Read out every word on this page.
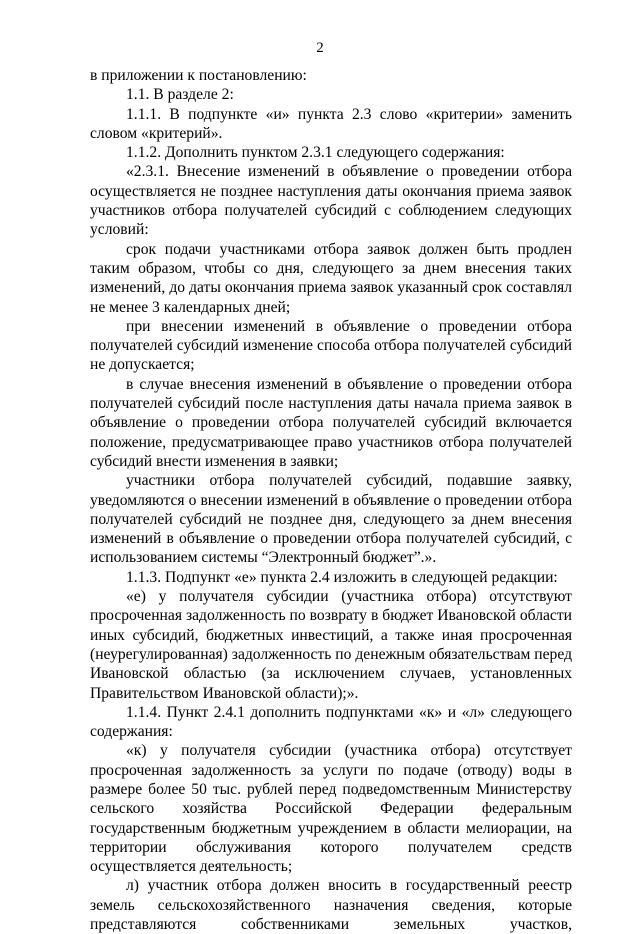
2

в приложении к постановлению:

1.1. В разделе 2:

1.1.1. В подпункте «и» пункта 2.3 слово «критерии» заменить словом «критерий».

1.1.2. Дополнить пунктом 2.3.1 следующего содержания:

«2.3.1. Внесение изменений в объявление о проведении отбора осуществляется не позднее наступления даты окончания приема заявок участников отбора получателей субсидий с соблюдением следующих условий:

срок подачи участниками отбора заявок должен быть продлен таким образом, чтобы со дня, следующего за днем внесения таких изменений, до даты окончания приема заявок указанный срок составлял не менее 3 календарных дней;

при внесении изменений в объявление о проведении отбора получателей субсидий изменение способа отбора получателей субсидий не допускается;

в случае внесения изменений в объявление о проведении отбора получателей субсидий после наступления даты начала приема заявок в объявление о проведении отбора получателей субсидий включается положение, предусматривающее право участников отбора получателей субсидий внести изменения в заявки;

участники отбора получателей субсидий, подавшие заявку, уведомляются о внесении изменений в объявление о проведении отбора получателей субсидий не позднее дня, следующего за днем внесения изменений в объявление о проведении отбора получателей субсидий, с использованием системы “Электронный бюджет”.».

1.1.3. Подпункт «е» пункта 2.4 изложить в следующей редакции:

«е) у получателя субсидии (участника отбора) отсутствуют просроченная задолженность по возврату в бюджет Ивановской области иных субсидий, бюджетных инвестиций, а также иная просроченная (неурегулированная) задолженность по денежным обязательствам перед Ивановской областью (за исключением случаев, установленных Правительством Ивановской области);».

1.1.4. Пункт 2.4.1 дополнить подпунктами «к» и «л» следующего содержания:

«к) у получателя субсидии (участника отбора) отсутствует просроченная задолженность за услуги по подаче (отводу) воды в размере более 50 тыс. рублей перед подведомственным Министерству сельского хозяйства Российской Федерации федеральным государственным бюджетным учреждением в области мелиорации, на территории обслуживания которого получателем средств осуществляется деятельность;

л) участник отбора должен вносить в государственный реестр земель сельскохозяйственного назначения сведения, которые представляются собственниками земельных участков,
